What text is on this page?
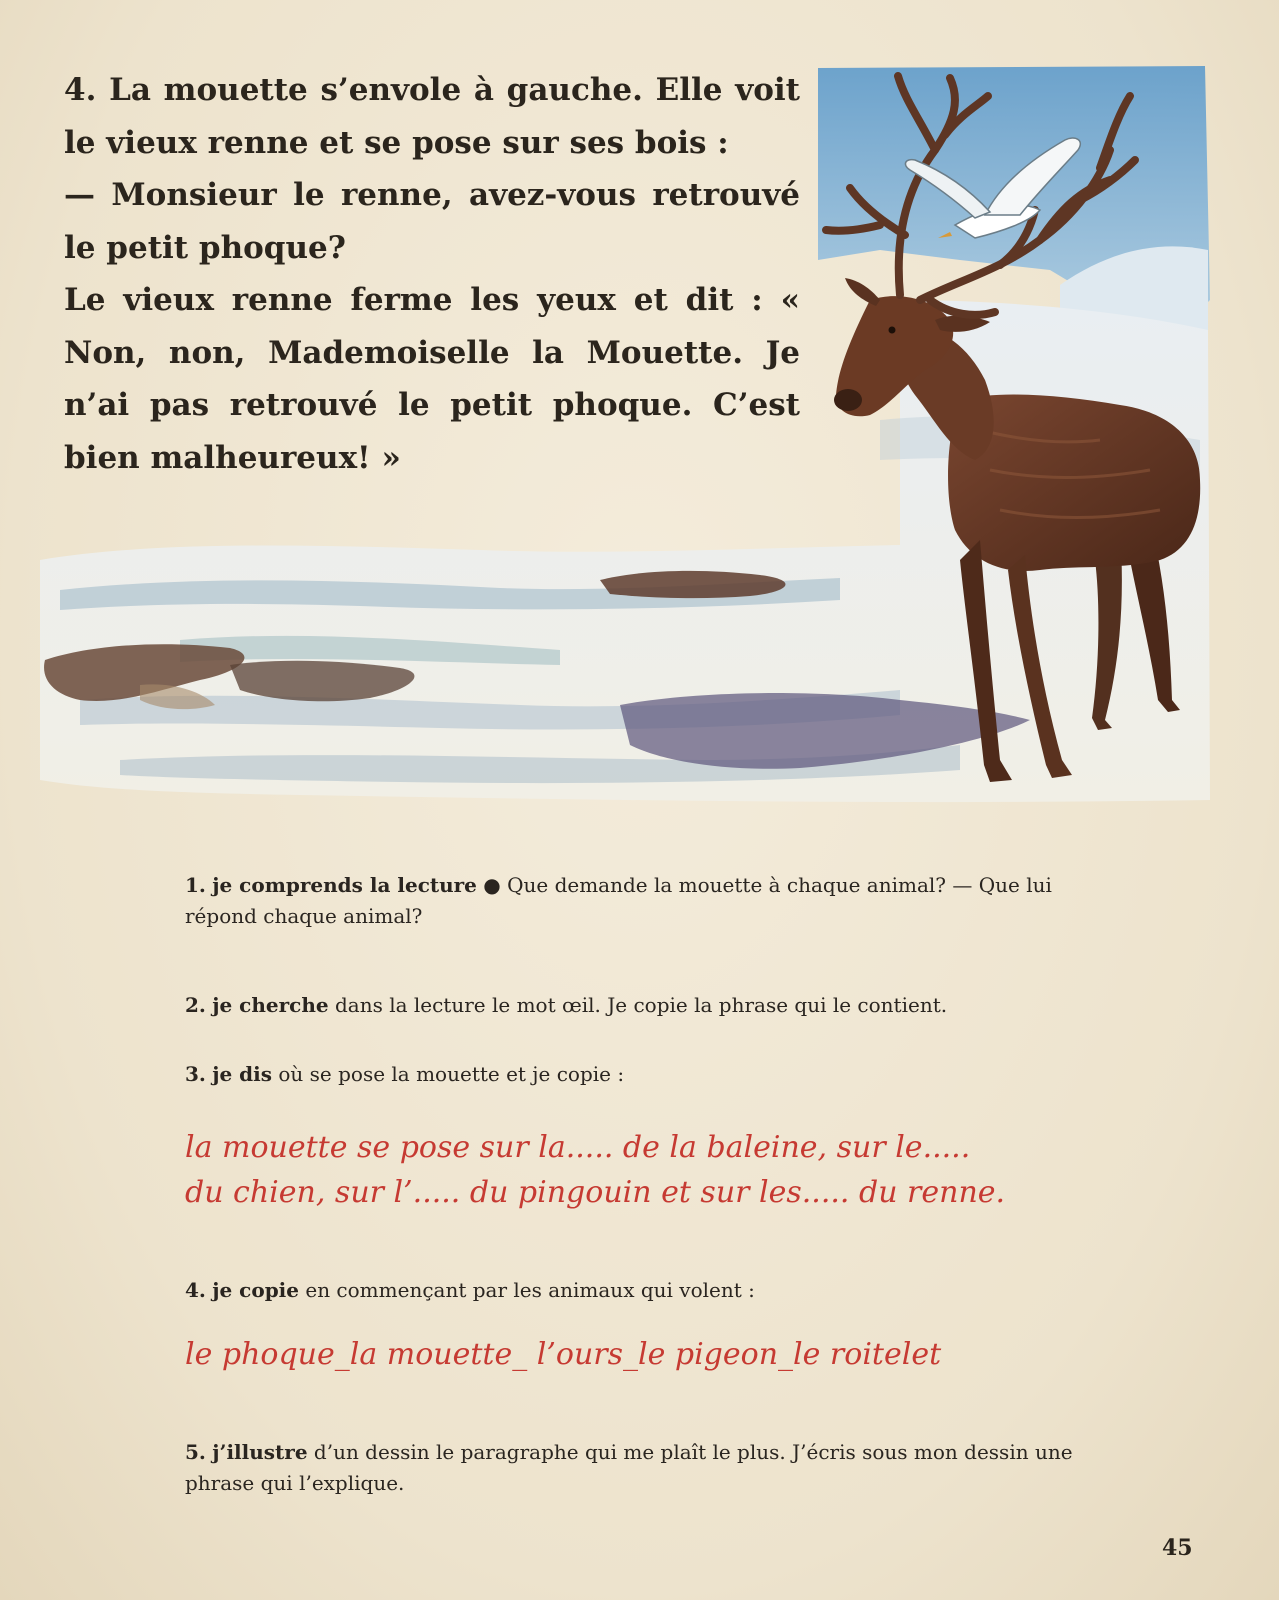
4. La mouette s’envole à gauche. Elle voit le vieux renne et se pose sur ses bois :

— Monsieur le renne, avez-vous retrouvé le petit phoque?

Le vieux renne ferme les yeux et dit : « Non, non, Mademoiselle la Mouette. Je n’ai pas retrouvé le petit phoque. C’est bien malheureux! »

1. je comprends la lecture ● Que demande la mouette à chaque animal? — Que lui répond chaque animal?
2. je cherche dans la lecture le mot œil. Je copie la phrase qui le contient.
3. je dis où se pose la mouette et je copie :
la mouette se pose sur la..... de la baleine, sur le.....
du chien, sur l’..... du pingouin et sur les..... du renne.
4. je copie en commençant par les animaux qui volent :
le phoque_la mouette_ l’ours_le pigeon_le roitelet
5. j’illustre d’un dessin le paragraphe qui me plaît le plus. J’écris sous mon dessin une phrase qui l’explique.
45
